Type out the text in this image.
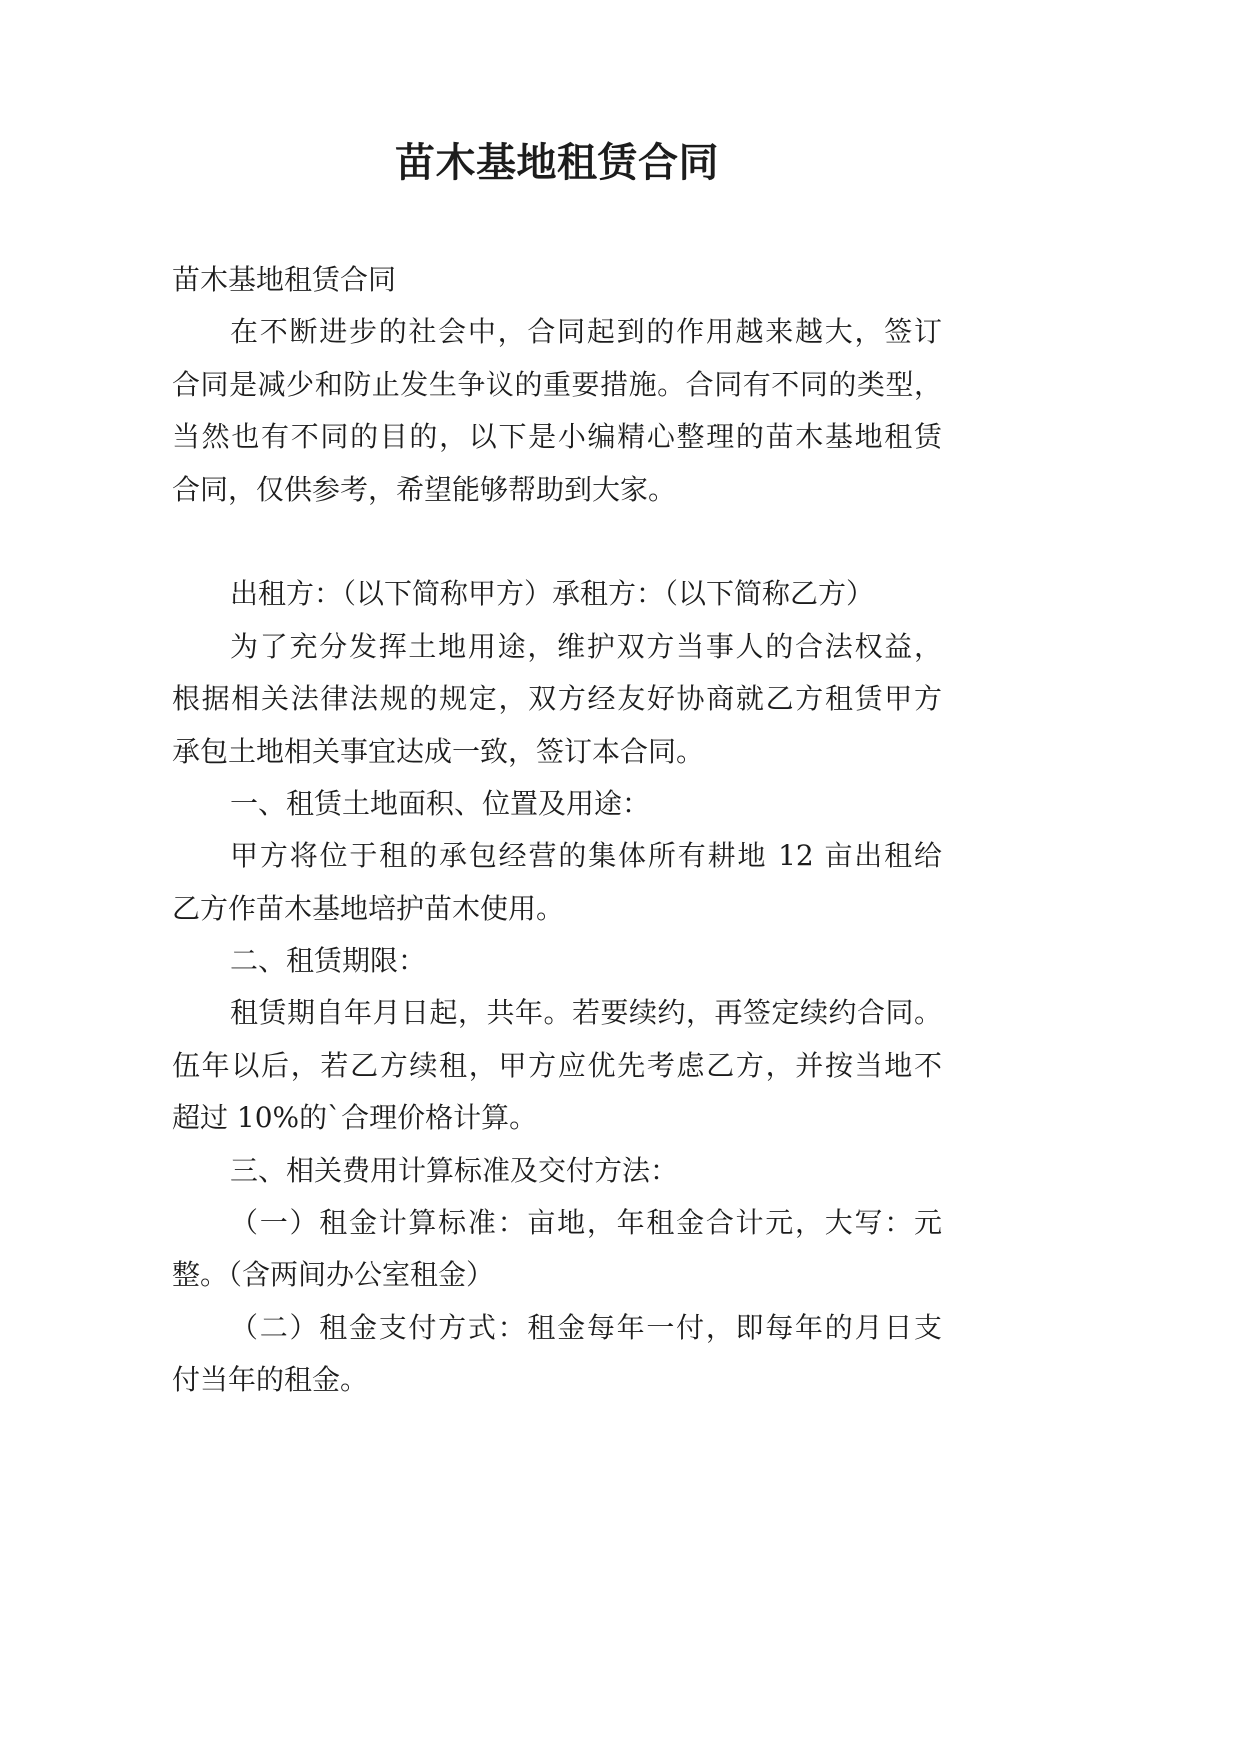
苗木基地租赁合同
苗木基地租赁合同
在不断进步的社会中，合同起到的作用越来越大，签订
合同是减少和防止发生争议的重要措施。合同有不同的类型，
当然也有不同的目的，以下是小编精心整理的苗木基地租赁
合同，仅供参考，希望能够帮助到大家。
出租方：（以下简称甲方）承租方：（以下简称乙方）
为了充分发挥土地用途，维护双方当事人的合法权益，
根据相关法律法规的规定，双方经友好协商就乙方租赁甲方
承包土地相关事宜达成一致，签订本合同。
一、租赁土地面积、位置及用途：
甲方将位于租的承包经营的集体所有耕地 12 亩出租给
乙方作苗木基地培护苗木使用。
二、租赁期限：
租赁期自年月日起，共年。若要续约，再签定续约合同。
伍年以后，若乙方续租，甲方应优先考虑乙方，并按当地不
超过 10%的`合理价格计算。
三、相关费用计算标准及交付方法：
（一）租金计算标准：亩地，年租金合计元，大写：元
整。（含两间办公室租金）
（二）租金支付方式：租金每年一付，即每年的月日支
付当年的租金。
